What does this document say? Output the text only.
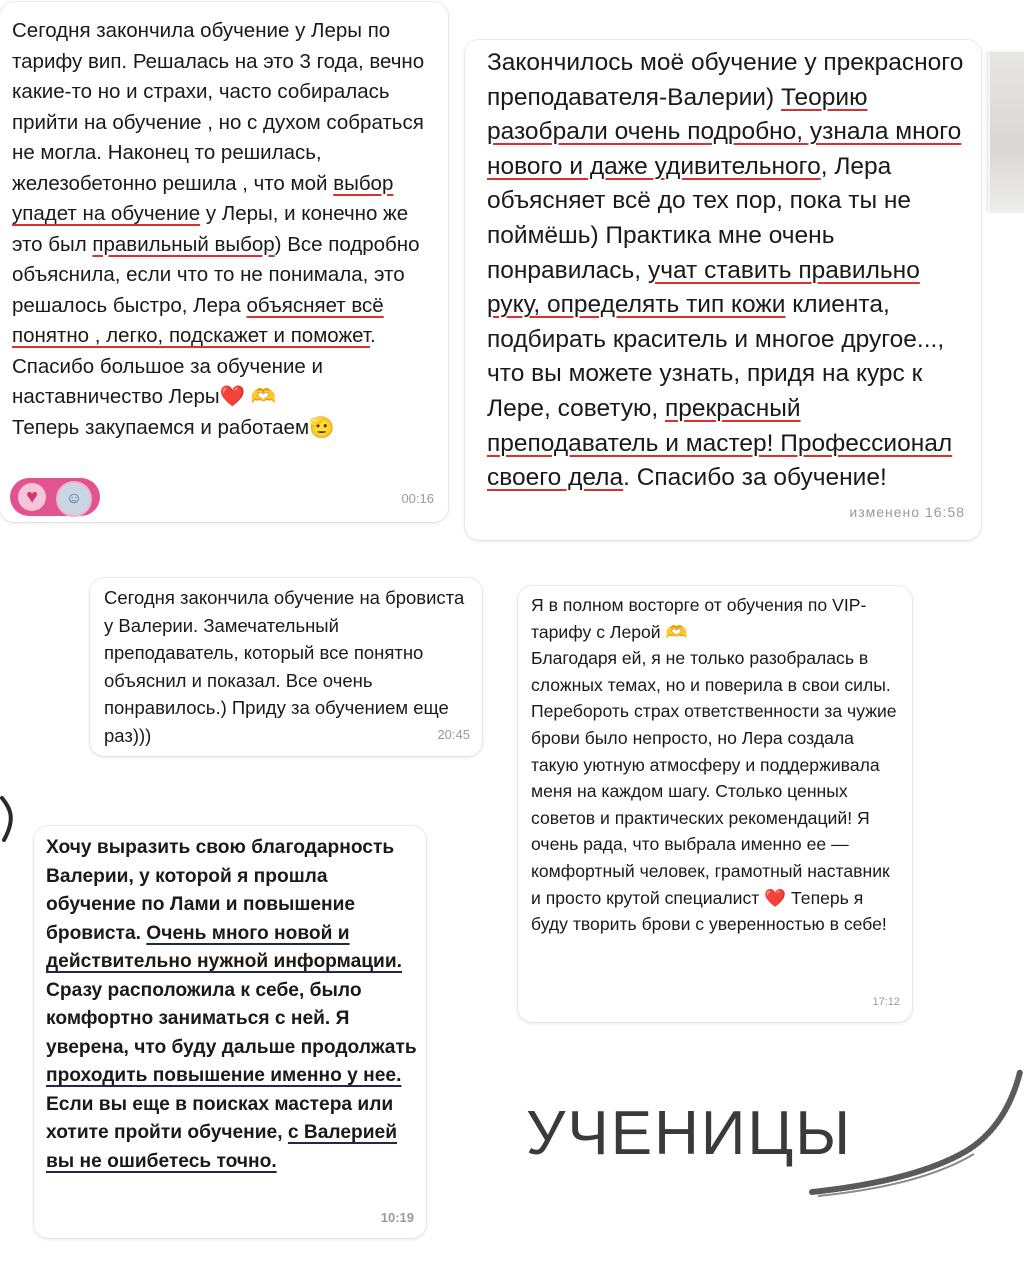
Сегодня закончила обучение у Леры по тарифу вип. Решалась на это 3 года, вечно какие-то но и страхи, часто собиралась прийти на обучение , но с духом собраться не могла. Наконец то решилась, железобетонно решила , что мой выбор упадет на обучение у Леры, и конечно же это был правильный выбор) Все подробно объяснила, если что то не понимала, это решалось быстро, Лера объясняет всё понятно , легко, подскажет и поможет. Спасибо большое за обучение и наставничество Леры❤️ 🫶
Теперь закупаемся и работаем🫡

♥	☺	00:16

Закончилось моё обучение у прекрасного преподавателя-Валерии) Теорию разобрали очень подробно, узнала много нового и даже удивительного, Лера объясняет всё до тех пор, пока ты не поймёшь) Практика мне очень понравилась, учат ставить правильно руку, определять тип кожи клиента, подбирать краситель и многое другое..., что вы можете узнать, придя на курс к Лере, советую, прекрасный преподаватель и мастер! Профессионал своего дела. Спасибо за обучение!

изменено 16:58

Сегодня закончила обучение на бровиста у Валерии. Замечательный преподаватель, который все понятно объяснил и показал. Все очень понравилось.) Приду за обучением еще раз)))	20:45

Я в полном восторге от обучения по VIP-тарифу с Лерой 🫶
Благодаря ей, я не только разобралась в сложных темах, но и поверила в свои силы. Перебороть страх ответственности за чужие брови было непросто, но Лера создала такую уютную атмосферу и поддерживала меня на каждом шагу. Столько ценных советов и практических рекомендаций! Я очень рада, что выбрала именно ее — комфортный человек, грамотный наставник и просто крутой специалист ❤️ Теперь я буду творить брови с уверенностью в себе!

17:12

Хочу выразить свою благодарность Валерии, у которой я прошла обучение по Лами и повышение бровиста. Очень много новой и действительно нужной информации. Сразу расположила к себе, было комфортно заниматься с ней. Я уверена, что буду дальше продолжать проходить повышение именно у нее. Если вы еще в поисках мастера или хотите пройти обучение, с Валерией вы не ошибетесь точно.

10:19
УЧЕНИЦЫ
